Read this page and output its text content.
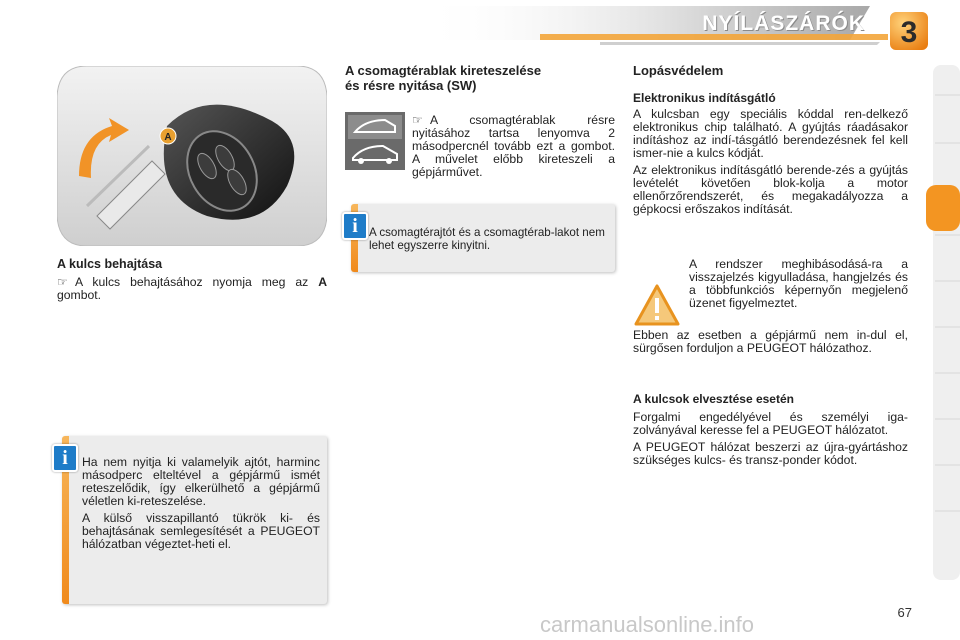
NYÍLÁSZÁRÓK 3
A
A kulcs behajtása
☞ A kulcs behajtásához nyomja meg az A gombot.

Ha nem nyitja ki valamelyik ajtót, harminc másodperc elteltével a gépjármű ismét reteszelődik, így elkerülhető a gépjármű véletlen ki-reteszelése.

A külső visszapillantó tükrök ki- és behajtásának semlegesítését a PEUGEOT hálózatban végeztet-heti el.

i
A csomagtérablak kireteszelése
és résre nyitása (SW)
☞ A csomagtérablak résre nyitásához tartsa lenyomva 2 másodpercnél tovább ezt a gombot. A művelet előbb kireteszeli a gépjárművet.
A csomagtérajtót és a csomagtérab-lakot nem lehet egyszerre kinyitni.
i
Lopásvédelem
Elektronikus indításgátló

A kulcsban egy speciális kóddal ren-delkező elektronikus chip található. A gyújtás ráadásakor indításhoz az indí-tásgátló berendezésnek fel kell ismer-nie a kulcs kódját.

Az elektronikus indításgátló berende-zés a gyújtás levételét követően blok-kolja a motor ellenőrzőrendszerét, és megakadályozza a gépkocsi erőszakos indítását.

A rendszer meghibásodásá-ra a visszajelzés kigyulladása, hangjelzés és a többfunkciós képernyőn megjelenő üzenet figyelmeztet.
Ebben az esetben a gépjármű nem in-dul el, sürgősen forduljon a PEUGEOT hálózathoz.
A kulcsok elvesztése esetén

Forgalmi engedélyével és személyi iga-zolványával keresse fel a PEUGEOT hálózatot.

A PEUGEOT hálózat beszerzi az újra-gyártáshoz szükséges kulcs- és transz-ponder kódot.

carmanualsonline.info	67
